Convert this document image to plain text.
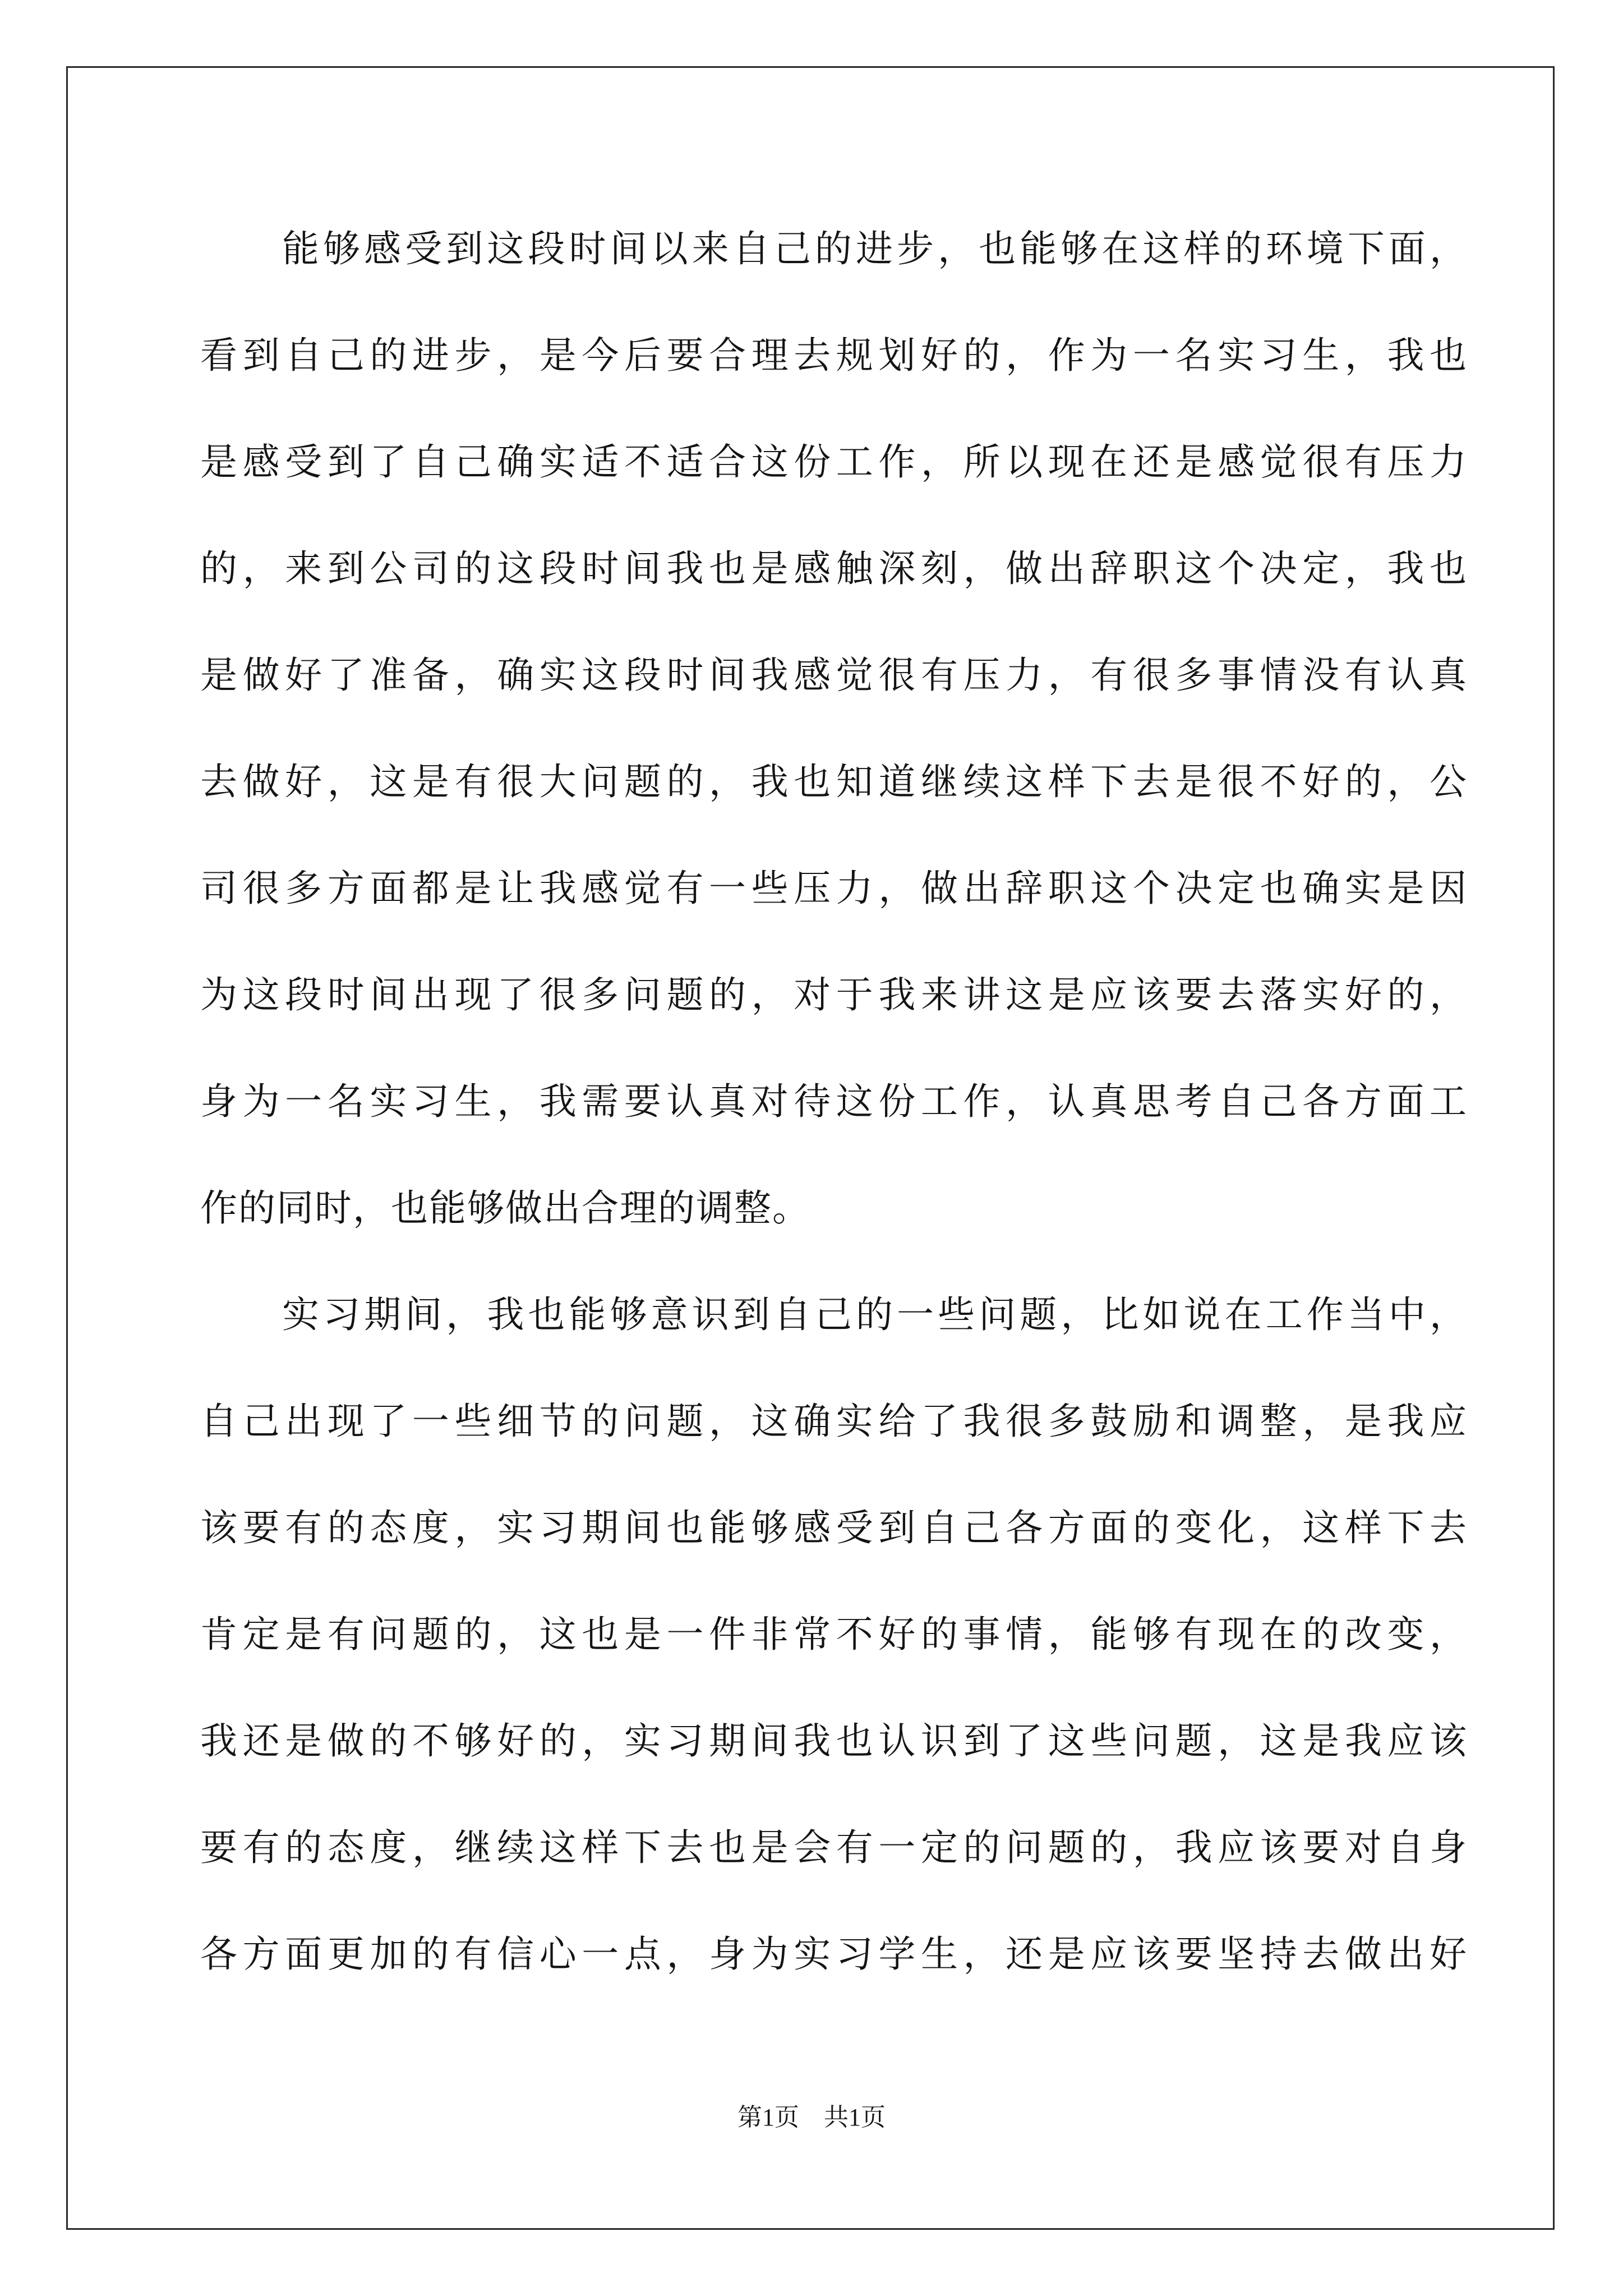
能够感受到这段时间以来自己的进步，也能够在这样的环境下面，
看到自己的进步，是今后要合理去规划好的，作为一名实习生，我也
是感受到了自己确实适不适合这份工作，所以现在还是感觉很有压力
的，来到公司的这段时间我也是感触深刻，做出辞职这个决定，我也
是做好了准备，确实这段时间我感觉很有压力，有很多事情没有认真
去做好，这是有很大问题的，我也知道继续这样下去是很不好的，公
司很多方面都是让我感觉有一些压力，做出辞职这个决定也确实是因
为这段时间出现了很多问题的，对于我来讲这是应该要去落实好的，
身为一名实习生，我需要认真对待这份工作，认真思考自己各方面工
作的同时，也能够做出合理的调整。
实习期间，我也能够意识到自己的一些问题，比如说在工作当中，
自己出现了一些细节的问题，这确实给了我很多鼓励和调整，是我应
该要有的态度，实习期间也能够感受到自己各方面的变化，这样下去
肯定是有问题的，这也是一件非常不好的事情，能够有现在的改变，
我还是做的不够好的，实习期间我也认识到了这些问题，这是我应该
要有的态度，继续这样下去也是会有一定的问题的，我应该要对自身
各方面更加的有信心一点，身为实习学生，还是应该要坚持去做出好
第1页　共1页
